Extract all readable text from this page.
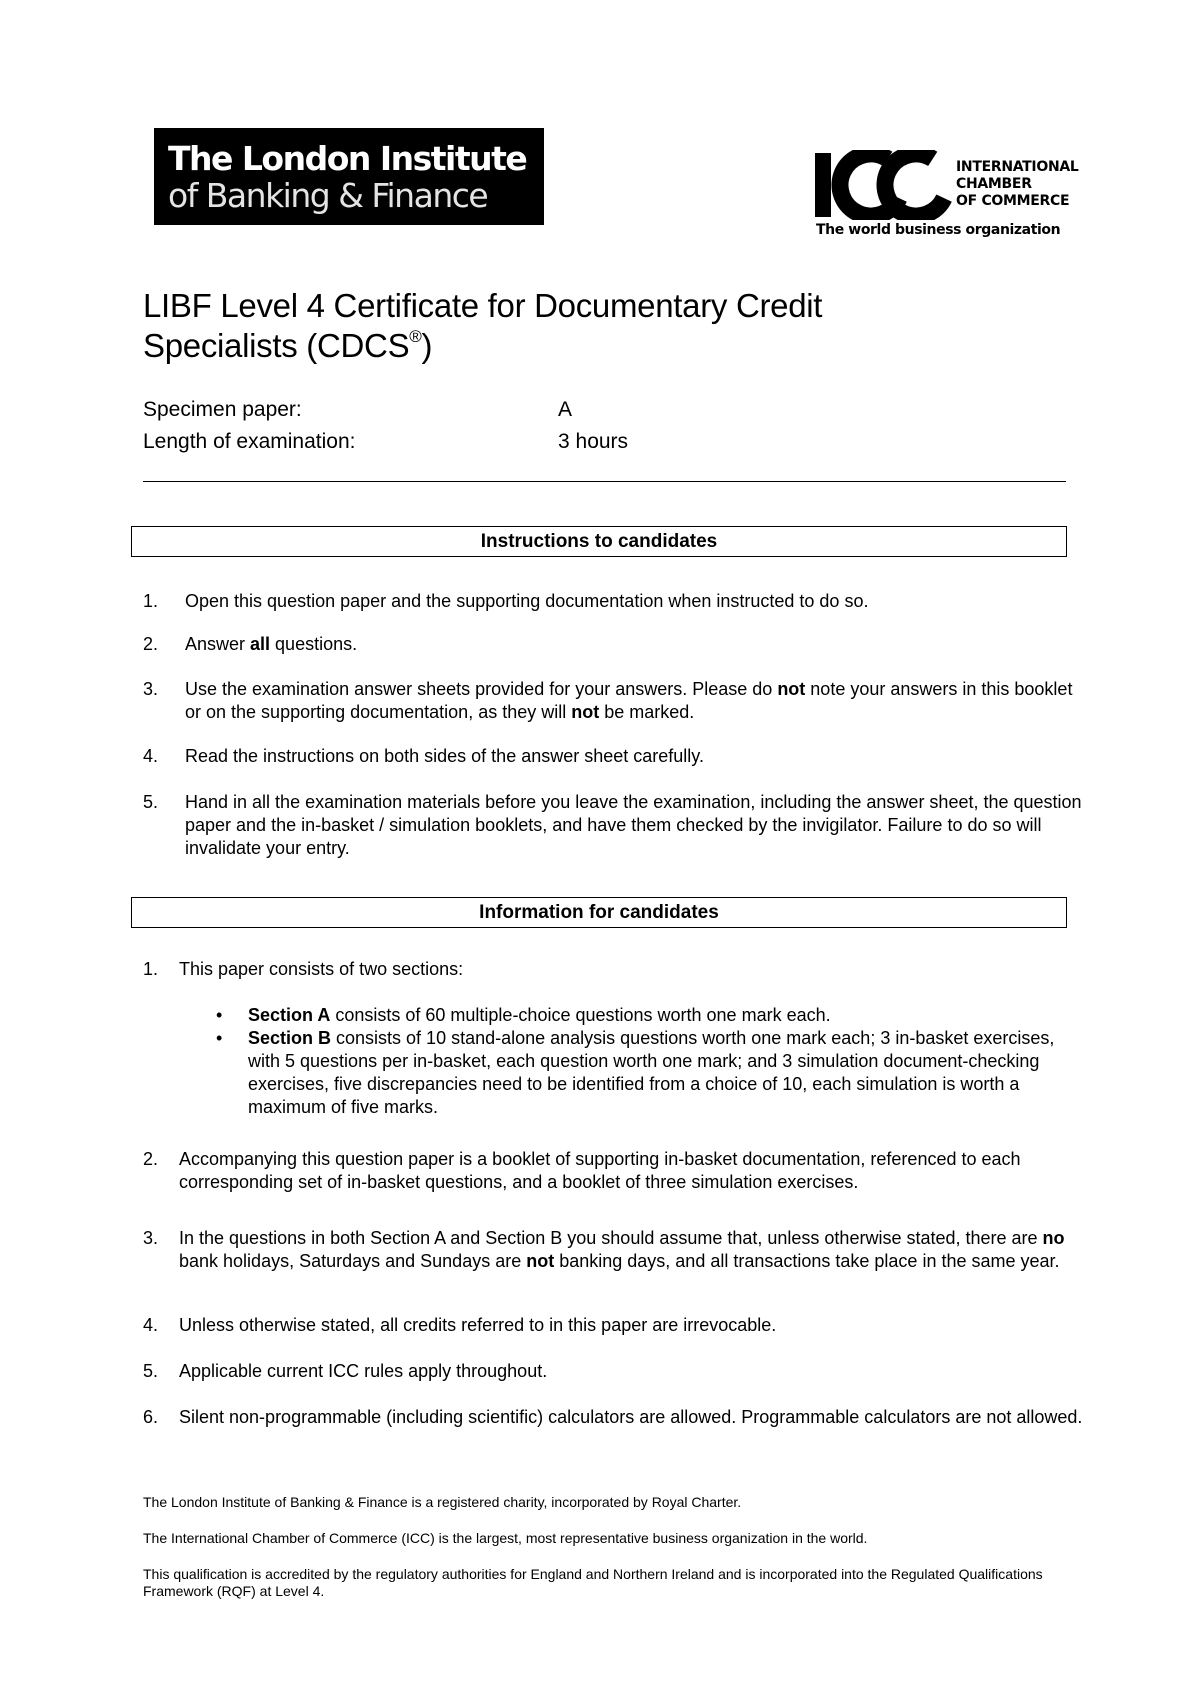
The London Institute
of Banking & Finance
INTERNATIONAL
CHAMBER
OF COMMERCE
The world business organization
LIBF Level 4 Certificate for Documentary Credit
Specialists (CDCS®)
Specimen paper:	A
Length of examination:	3 hours
Instructions to candidates
1. Open this question paper and the supporting documentation when instructed to do so.
2. Answer all questions.
3. Use the examination answer sheets provided for your answers. Please do not note your answers in this booklet or on the supporting documentation, as they will not be marked.
4. Read the instructions on both sides of the answer sheet carefully.
5. Hand in all the examination materials before you leave the examination, including the answer sheet, the question paper and the in-basket / simulation booklets, and have them checked by the invigilator. Failure to do so will invalidate your entry.
Information for candidates
1. This paper consists of two sections:
• Section A consists of 60 multiple-choice questions worth one mark each.
• Section B consists of 10 stand-alone analysis questions worth one mark each; 3 in-basket exercises, with 5 questions per in-basket, each question worth one mark; and 3 simulation document-checking exercises, five discrepancies need to be identified from a choice of 10, each simulation is worth a maximum of five marks.
2. Accompanying this question paper is a booklet of supporting in-basket documentation, referenced to each corresponding set of in-basket questions, and a booklet of three simulation exercises.
3. In the questions in both Section A and Section B you should assume that, unless otherwise stated, there are no bank holidays, Saturdays and Sundays are not banking days, and all transactions take place in the same year.
4. Unless otherwise stated, all credits referred to in this paper are irrevocable.
5. Applicable current ICC rules apply throughout.
6. Silent non-programmable (including scientific) calculators are allowed. Programmable calculators are not allowed.
The London Institute of Banking & Finance is a registered charity, incorporated by Royal Charter.
The International Chamber of Commerce (ICC) is the largest, most representative business organization in the world.
This qualification is accredited by the regulatory authorities for England and Northern Ireland and is incorporated into the Regulated Qualifications Framework (RQF) at Level 4.
